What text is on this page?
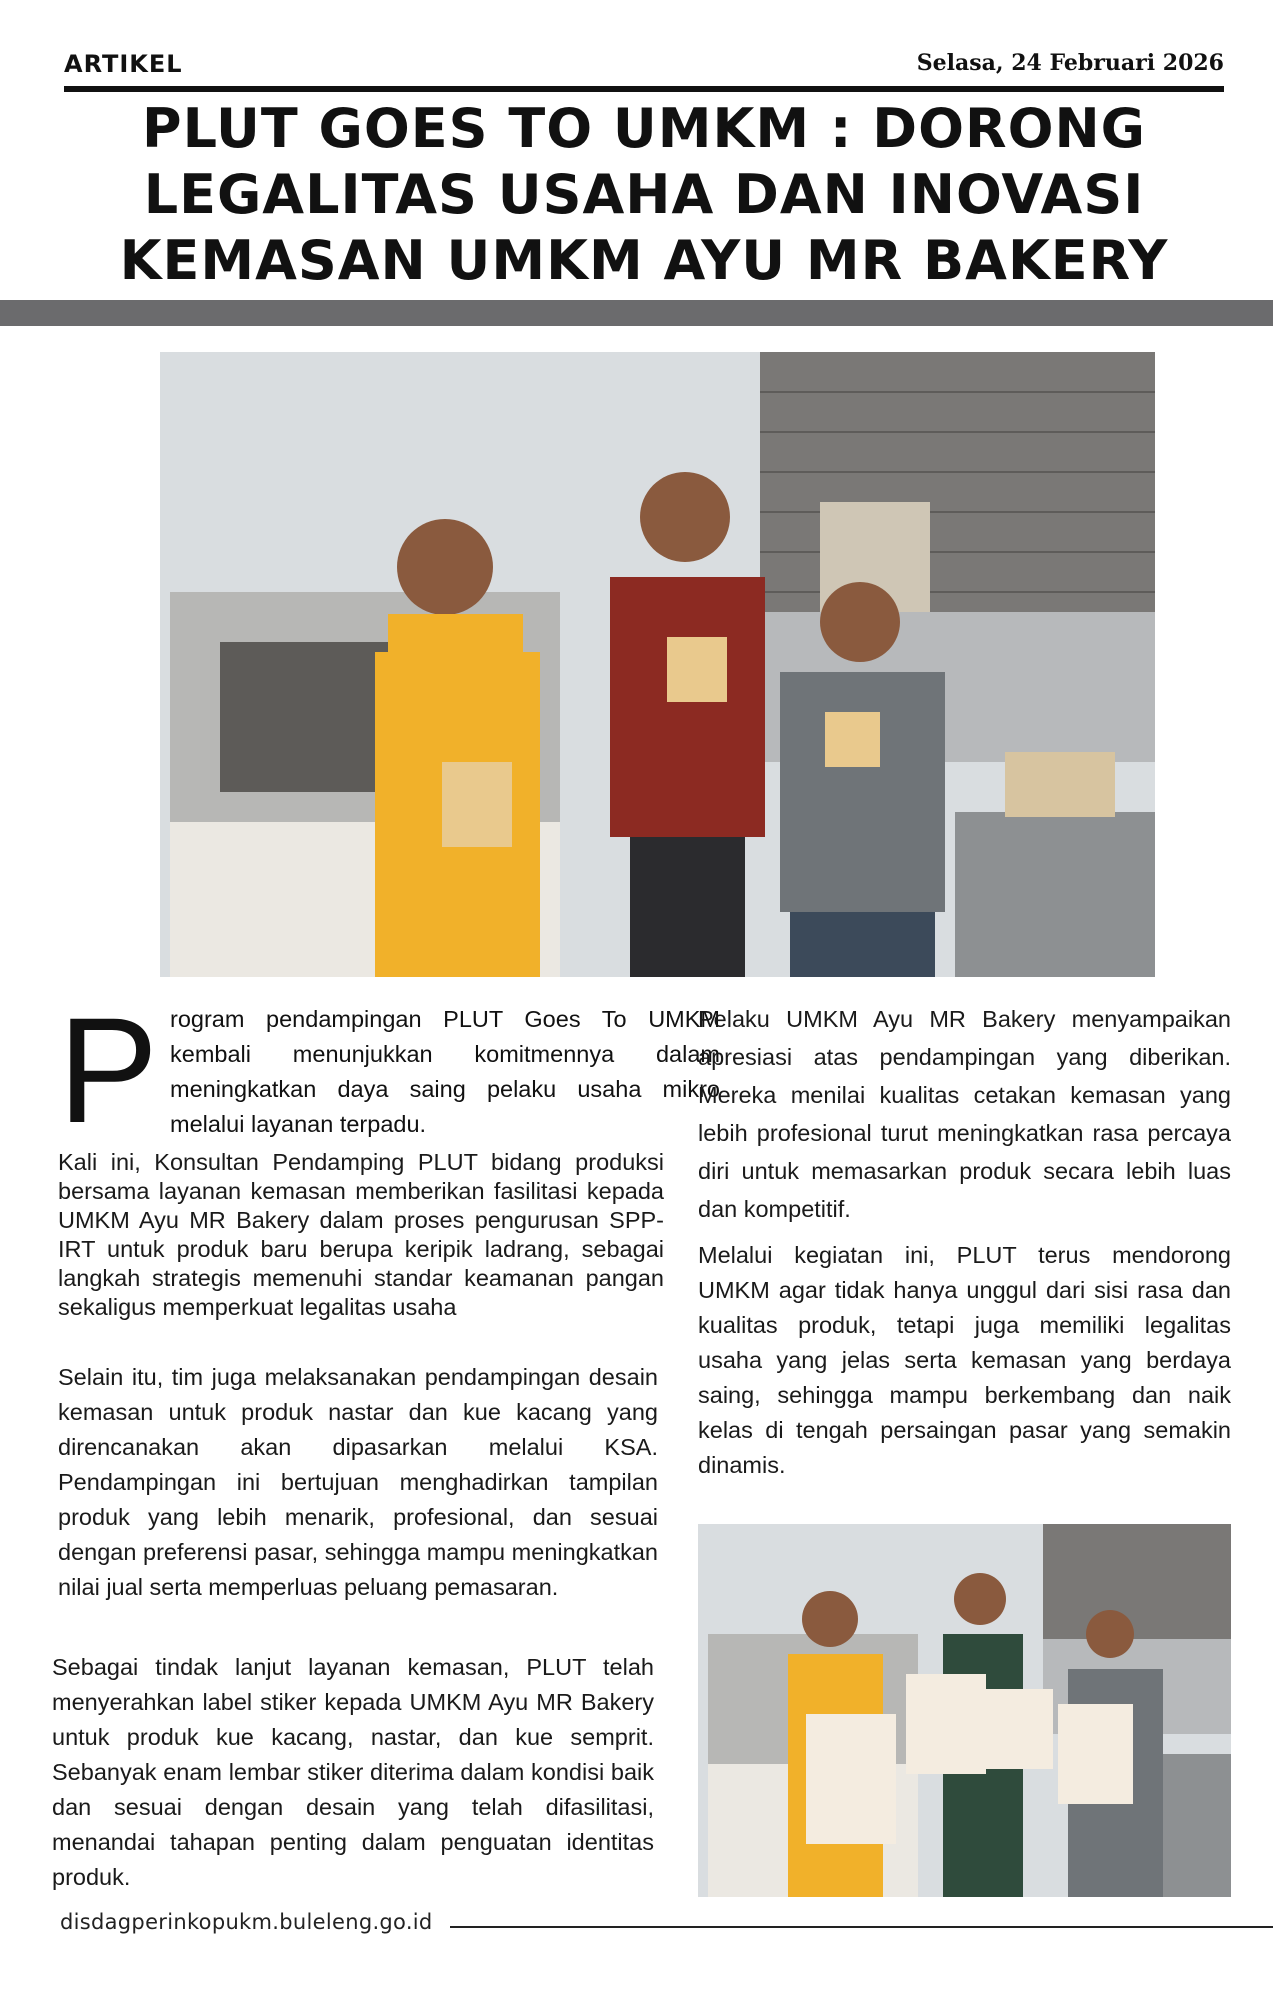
ARTIKEL	Selasa, 24 Februari 2026
PLUT GOES TO UMKM : DORONG
LEGALITAS USAHA DAN INOVASI
KEMASAN UMKM AYU MR BAKERY
P rogram pendampingan PLUT Goes To UMKM kembali menunjukkan komitmennya dalam meningkatkan daya saing pelaku usaha mikro melalui layanan terpadu.

Kali ini, Konsultan Pendamping PLUT bidang produksi bersama layanan kemasan memberikan fasilitasi kepada UMKM Ayu MR Bakery dalam proses pengurusan SPP-IRT untuk produk baru berupa keripik ladrang, sebagai langkah strategis memenuhi standar keamanan pangan sekaligus memperkuat legalitas usaha

Selain itu, tim juga melaksanakan pendampingan desain kemasan untuk produk nastar dan kue kacang yang direncanakan akan dipasarkan melalui KSA. Pendampingan ini bertujuan menghadirkan tampilan produk yang lebih menarik, profesional, dan sesuai dengan preferensi pasar, sehingga mampu meningkatkan nilai jual serta memperluas peluang pemasaran.

Sebagai tindak lanjut layanan kemasan, PLUT telah menyerahkan label stiker kepada UMKM Ayu MR Bakery untuk produk kue kacang, nastar, dan kue semprit. Sebanyak enam lembar stiker diterima dalam kondisi baik dan sesuai dengan desain yang telah difasilitasi, menandai tahapan penting dalam penguatan identitas produk.

Pelaku UMKM Ayu MR Bakery menyampaikan apresiasi atas pendampingan yang diberikan. Mereka menilai kualitas cetakan kemasan yang lebih profesional turut meningkatkan rasa percaya diri untuk memasarkan produk secara lebih luas dan kompetitif.

Melalui kegiatan ini, PLUT terus mendorong UMKM agar tidak hanya unggul dari sisi rasa dan kualitas produk, tetapi juga memiliki legalitas usaha yang jelas serta kemasan yang berdaya saing, sehingga mampu berkembang dan naik kelas di tengah persaingan pasar yang semakin dinamis.

disdagperinkopukm.buleleng.go.id
